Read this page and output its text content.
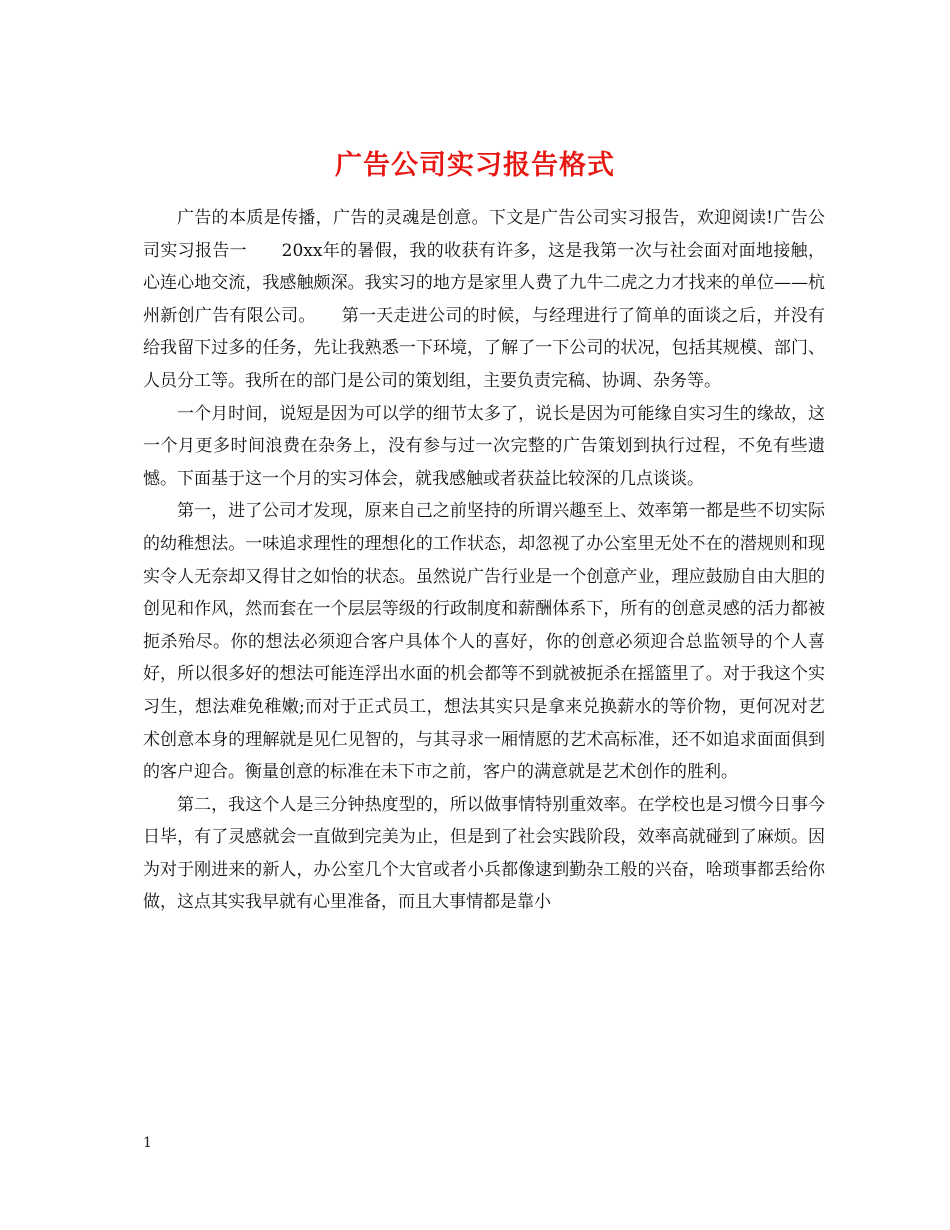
广告公司实习报告格式

广告的本质是传播，广告的灵魂是创意。下文是广告公司实习报告，欢迎阅读!广告公司实习报告一　　20xx年的暑假，我的收获有许多，这是我第一次与社会面对面地接触，心连心地交流，我感触颇深。我实习的地方是家里人费了九牛二虎之力才找来的单位——杭州新创广告有限公司。　　第一天走进公司的时候，与经理进行了简单的面谈之后，并没有给我留下过多的任务，先让我熟悉一下环境，了解了一下公司的状况，包括其规模、部门、人员分工等。我所在的部门是公司的策划组，主要负责完稿、协调、杂务等。

一个月时间，说短是因为可以学的细节太多了，说长是因为可能缘自实习生的缘故，这一个月更多时间浪费在杂务上，没有参与过一次完整的广告策划到执行过程，不免有些遗憾。下面基于这一个月的实习体会，就我感触或者获益比较深的几点谈谈。

第一，进了公司才发现，原来自己之前坚持的所谓兴趣至上、效率第一都是些不切实际的幼稚想法。一味追求理性的理想化的工作状态，却忽视了办公室里无处不在的潜规则和现实令人无奈却又得甘之如怡的状态。虽然说广告行业是一个创意产业，理应鼓励自由大胆的创见和作风，然而套在一个层层等级的行政制度和薪酬体系下，所有的创意灵感的活力都被扼杀殆尽。你的想法必须迎合客户具体个人的喜好，你的创意必须迎合总监领导的个人喜好，所以很多好的想法可能连浮出水面的机会都等不到就被扼杀在摇篮里了。对于我这个实习生，想法难免稚嫩;而对于正式员工，想法其实只是拿来兑换薪水的等价物，更何况对艺术创意本身的理解就是见仁见智的，与其寻求一厢情愿的艺术高标准，还不如追求面面俱到的客户迎合。衡量创意的标准在未下市之前，客户的满意就是艺术创作的胜利。

第二，我这个人是三分钟热度型的，所以做事情特别重效率。在学校也是习惯今日事今日毕，有了灵感就会一直做到完美为止，但是到了社会实践阶段，效率高就碰到了麻烦。因为对于刚进来的新人，办公室几个大官或者小兵都像逮到勤杂工般的兴奋，啥琐事都丢给你做，这点其实我早就有心里准备，而且大事情都是靠小

1
